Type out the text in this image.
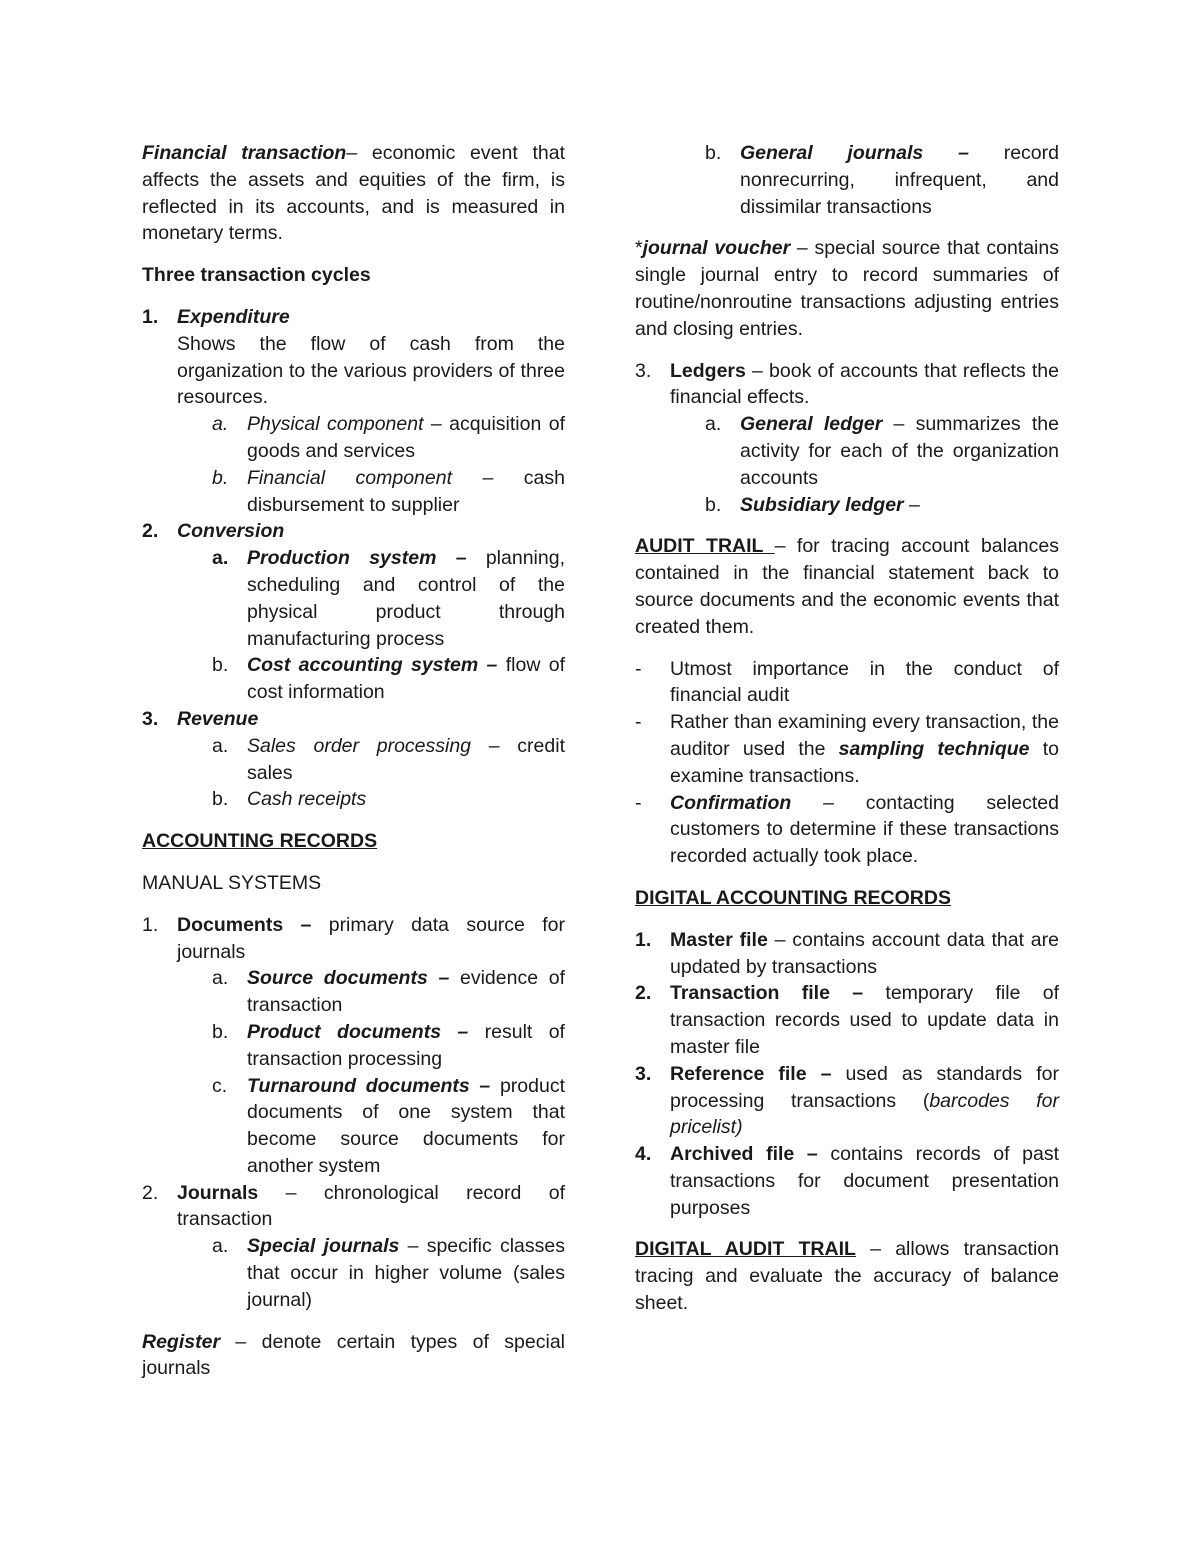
Financial transaction– economic event that affects the assets and equities of the firm, is reflected in its accounts, and is measured in monetary terms.

Three transaction cycles

1. Expenditure

Shows the flow of cash from the organization to the various providers of three resources.

a. Physical component – acquisition of goods and services
b. Financial component – cash disbursement to supplier
2. Conversion
a. Production system – planning, scheduling and control of the physical product through manufacturing process
b. Cost accounting system – flow of cost information
3. Revenue
a. Sales order processing – credit sales
b. Cash receipts

ACCOUNTING RECORDS

MANUAL SYSTEMS

1. Documents – primary data source for journals
a. Source documents – evidence of transaction
b. Product documents – result of transaction processing
c. Turnaround documents – product documents of one system that become source documents for another system
2. Journals – chronological record of transaction
a. Special journals – specific classes that occur in higher volume (sales journal)

Register – denote certain types of special journals

b. General journals – record nonrecurring, infrequent, and dissimilar transactions

*journal voucher – special source that contains single journal entry to record summaries of routine/nonroutine transactions adjusting entries and closing entries.

3. Ledgers – book of accounts that reflects the financial effects.
a. General ledger – summarizes the activity for each of the organization accounts
b. Subsidiary ledger –

AUDIT TRAIL – for tracing account balances contained in the financial statement back to source documents and the economic events that created them.

- Utmost importance in the conduct of financial audit
- Rather than examining every transaction, the auditor used the sampling technique to examine transactions.
- Confirmation – contacting selected customers to determine if these transactions recorded actually took place.

DIGITAL ACCOUNTING RECORDS

1. Master file – contains account data that are updated by transactions
2. Transaction file – temporary file of transaction records used to update data in master file
3. Reference file – used as standards for processing transactions (barcodes for pricelist)
4. Archived file – contains records of past transactions for document presentation purposes

DIGITAL AUDIT TRAIL – allows transaction tracing and evaluate the accuracy of balance sheet.
